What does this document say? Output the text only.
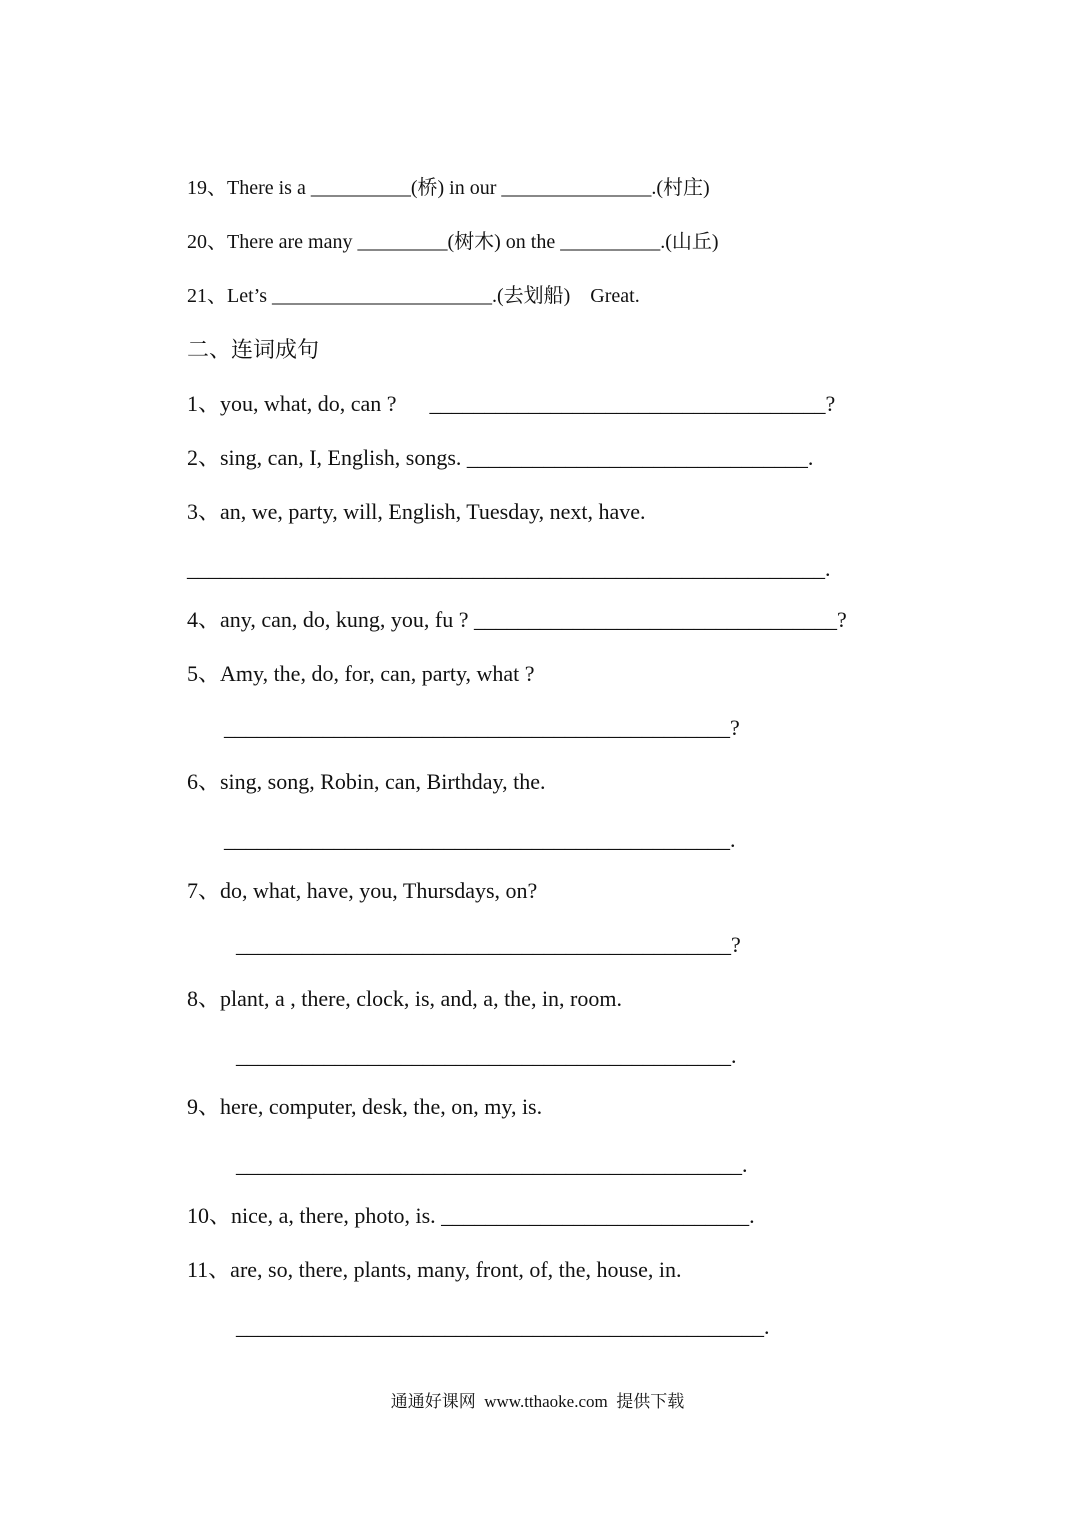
19、There is a __________(桥) in our _______________.(村庄)
20、There are many _________(树木) on the __________.(山丘)
21、Let’s ______________________.(去划船)    Great.
二、连词成句
1、you, what, do, can ?      ____________________________________?
2、sing, can, I, English, songs. _______________________________.
3、an, we, party, will, English, Tuesday, next, have.
__________________________________________________________.
4、any, can, do, kung, you, fu ? _________________________________?
5、Amy, the, do, for, can, party, what ?
______________________________________________?
6、sing, song, Robin, can, Birthday, the.
______________________________________________.
7、do, what, have, you, Thursdays, on?
_____________________________________________?
8、plant, a , there, clock, is, and, a, the, in, room.
_____________________________________________.
9、here, computer, desk, the, on, my, is.
______________________________________________.
10、nice, a, there, photo, is. ____________________________.
11、are, so, there, plants, many, front, of, the, house, in.
________________________________________________.
通通好课网  www.tthaoke.com  提供下载
